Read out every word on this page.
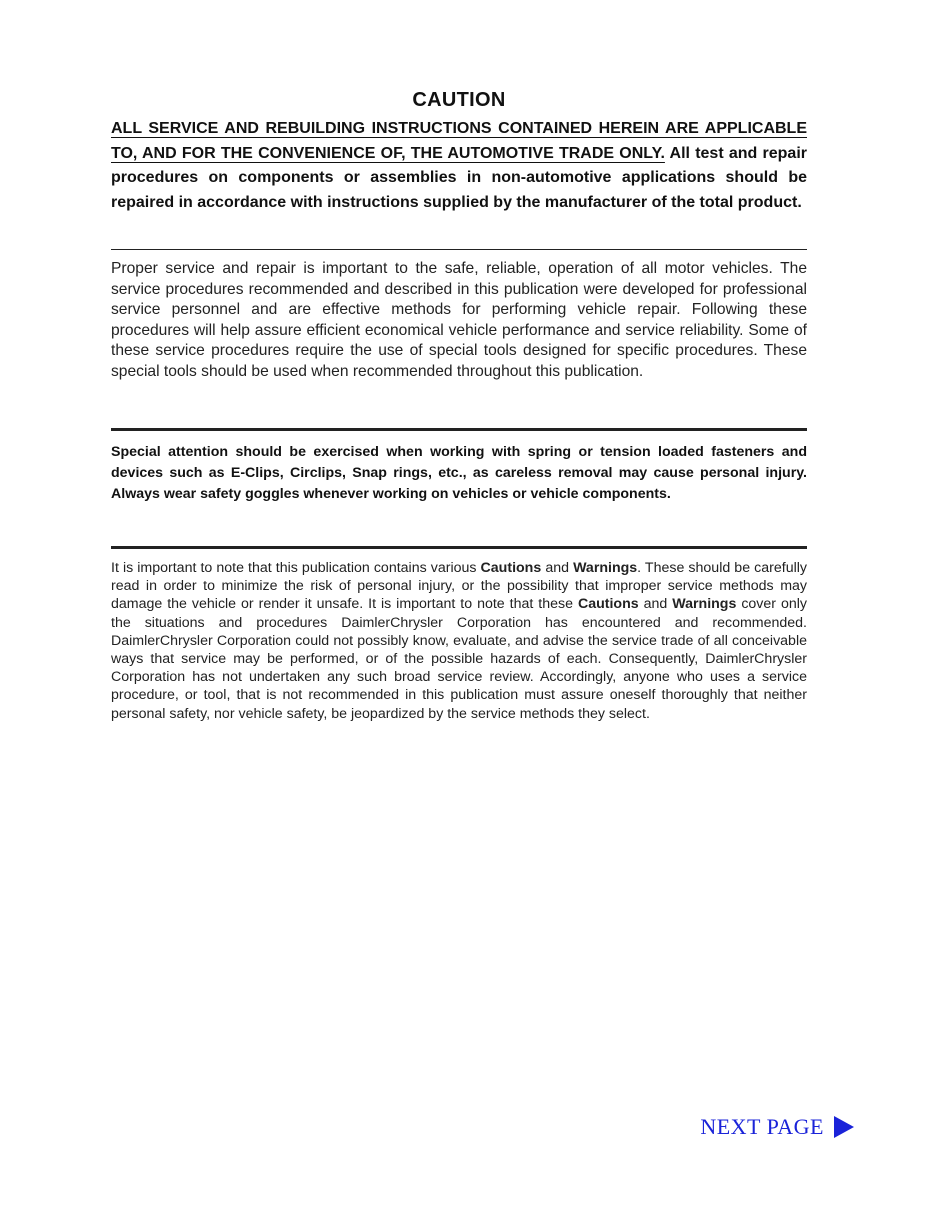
CAUTION
ALL SERVICE AND REBUILDING INSTRUCTIONS CONTAINED HEREIN ARE APPLICABLE TO, AND FOR THE CONVENIENCE OF, THE AUTOMOTIVE TRADE ONLY. All test and repair procedures on components or assemblies in non-automotive applications should be repaired in accordance with instructions supplied by the manufacturer of the total product.
Proper service and repair is important to the safe, reliable, operation of all motor vehicles. The service procedures recommended and described in this publication were developed for professional service personnel and are effective methods for performing vehicle repair. Following these procedures will help assure efficient economical vehicle performance and service reliability. Some of these service procedures require the use of special tools designed for specific procedures. These special tools should be used when recommended throughout this publication.
Special attention should be exercised when working with spring or tension loaded fasteners and devices such as E-Clips, Circlips, Snap rings, etc., as careless removal may cause personal injury. Always wear safety goggles whenever working on vehicles or vehicle components.
It is important to note that this publication contains various Cautions and Warnings. These should be carefully read in order to minimize the risk of personal injury, or the possibility that improper service methods may damage the vehicle or render it unsafe. It is important to note that these Cautions and Warnings cover only the situations and procedures DaimlerChrysler Corporation has encountered and recommended. DaimlerChrysler Corporation could not possibly know, evaluate, and advise the service trade of all conceivable ways that service may be performed, or of the possible hazards of each. Consequently, DaimlerChrysler Corporation has not undertaken any such broad service review. Accordingly, anyone who uses a service procedure, or tool, that is not recommended in this publication must assure oneself thoroughly that neither personal safety, nor vehicle safety, be jeopardized by the service methods they select.
NEXT PAGE
